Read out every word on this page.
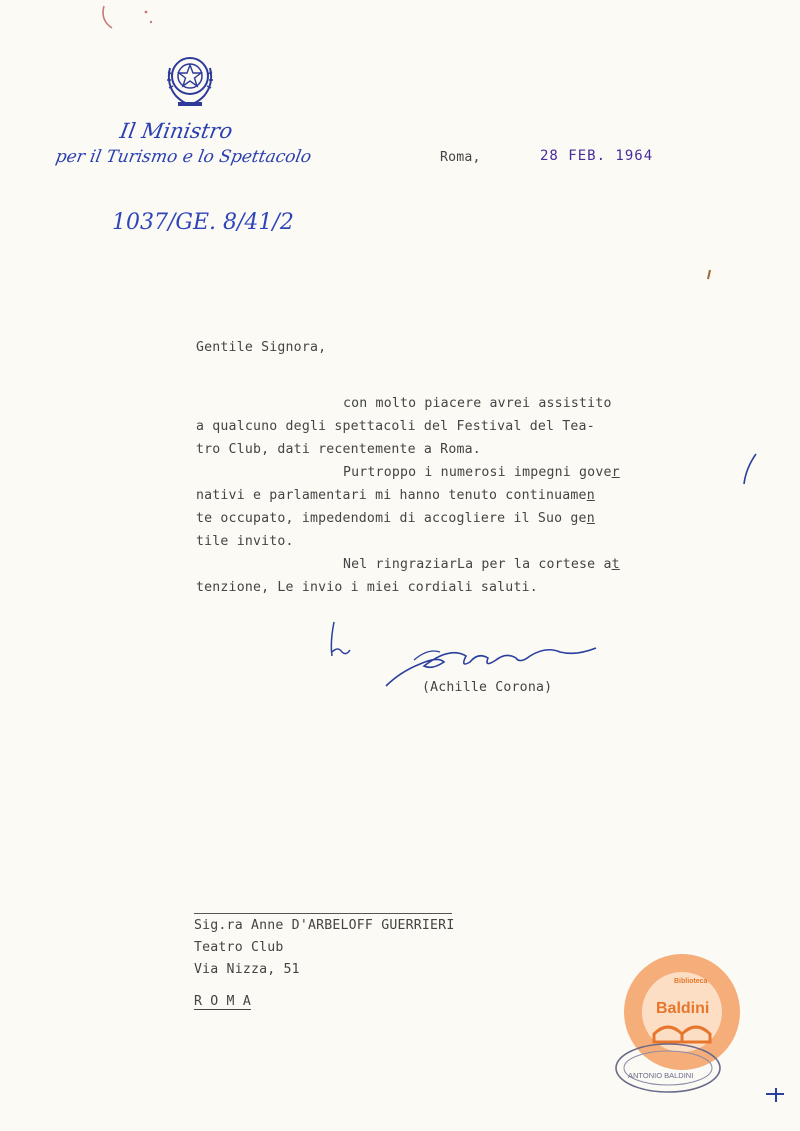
Il Ministro
per il Turismo e lo Spettacolo
1037/GE. 8/41/2
Roma,	28 FEB. 1964
Gentile Signora,
con molto piacere avrei assistito
a qualcuno degli spettacoli del Festival del Tea-
tro Club, dati recentemente a Roma.
Purtroppo i numerosi impegni gover
nativi e parlamentari mi hanno tenuto continuamen
te occupato, impedendomi di accogliere il Suo gen
tile invito.
Nel ringraziarLa per la cortese at
tenzione, Le invio i miei cordiali saluti.
(Achille Corona)
Sig.ra Anne D'ARBELOFF GUERRIERI
Teatro Club
Via Nizza, 51
R O M A
Biblioteca
Baldini
ANTONIO BALDINI
